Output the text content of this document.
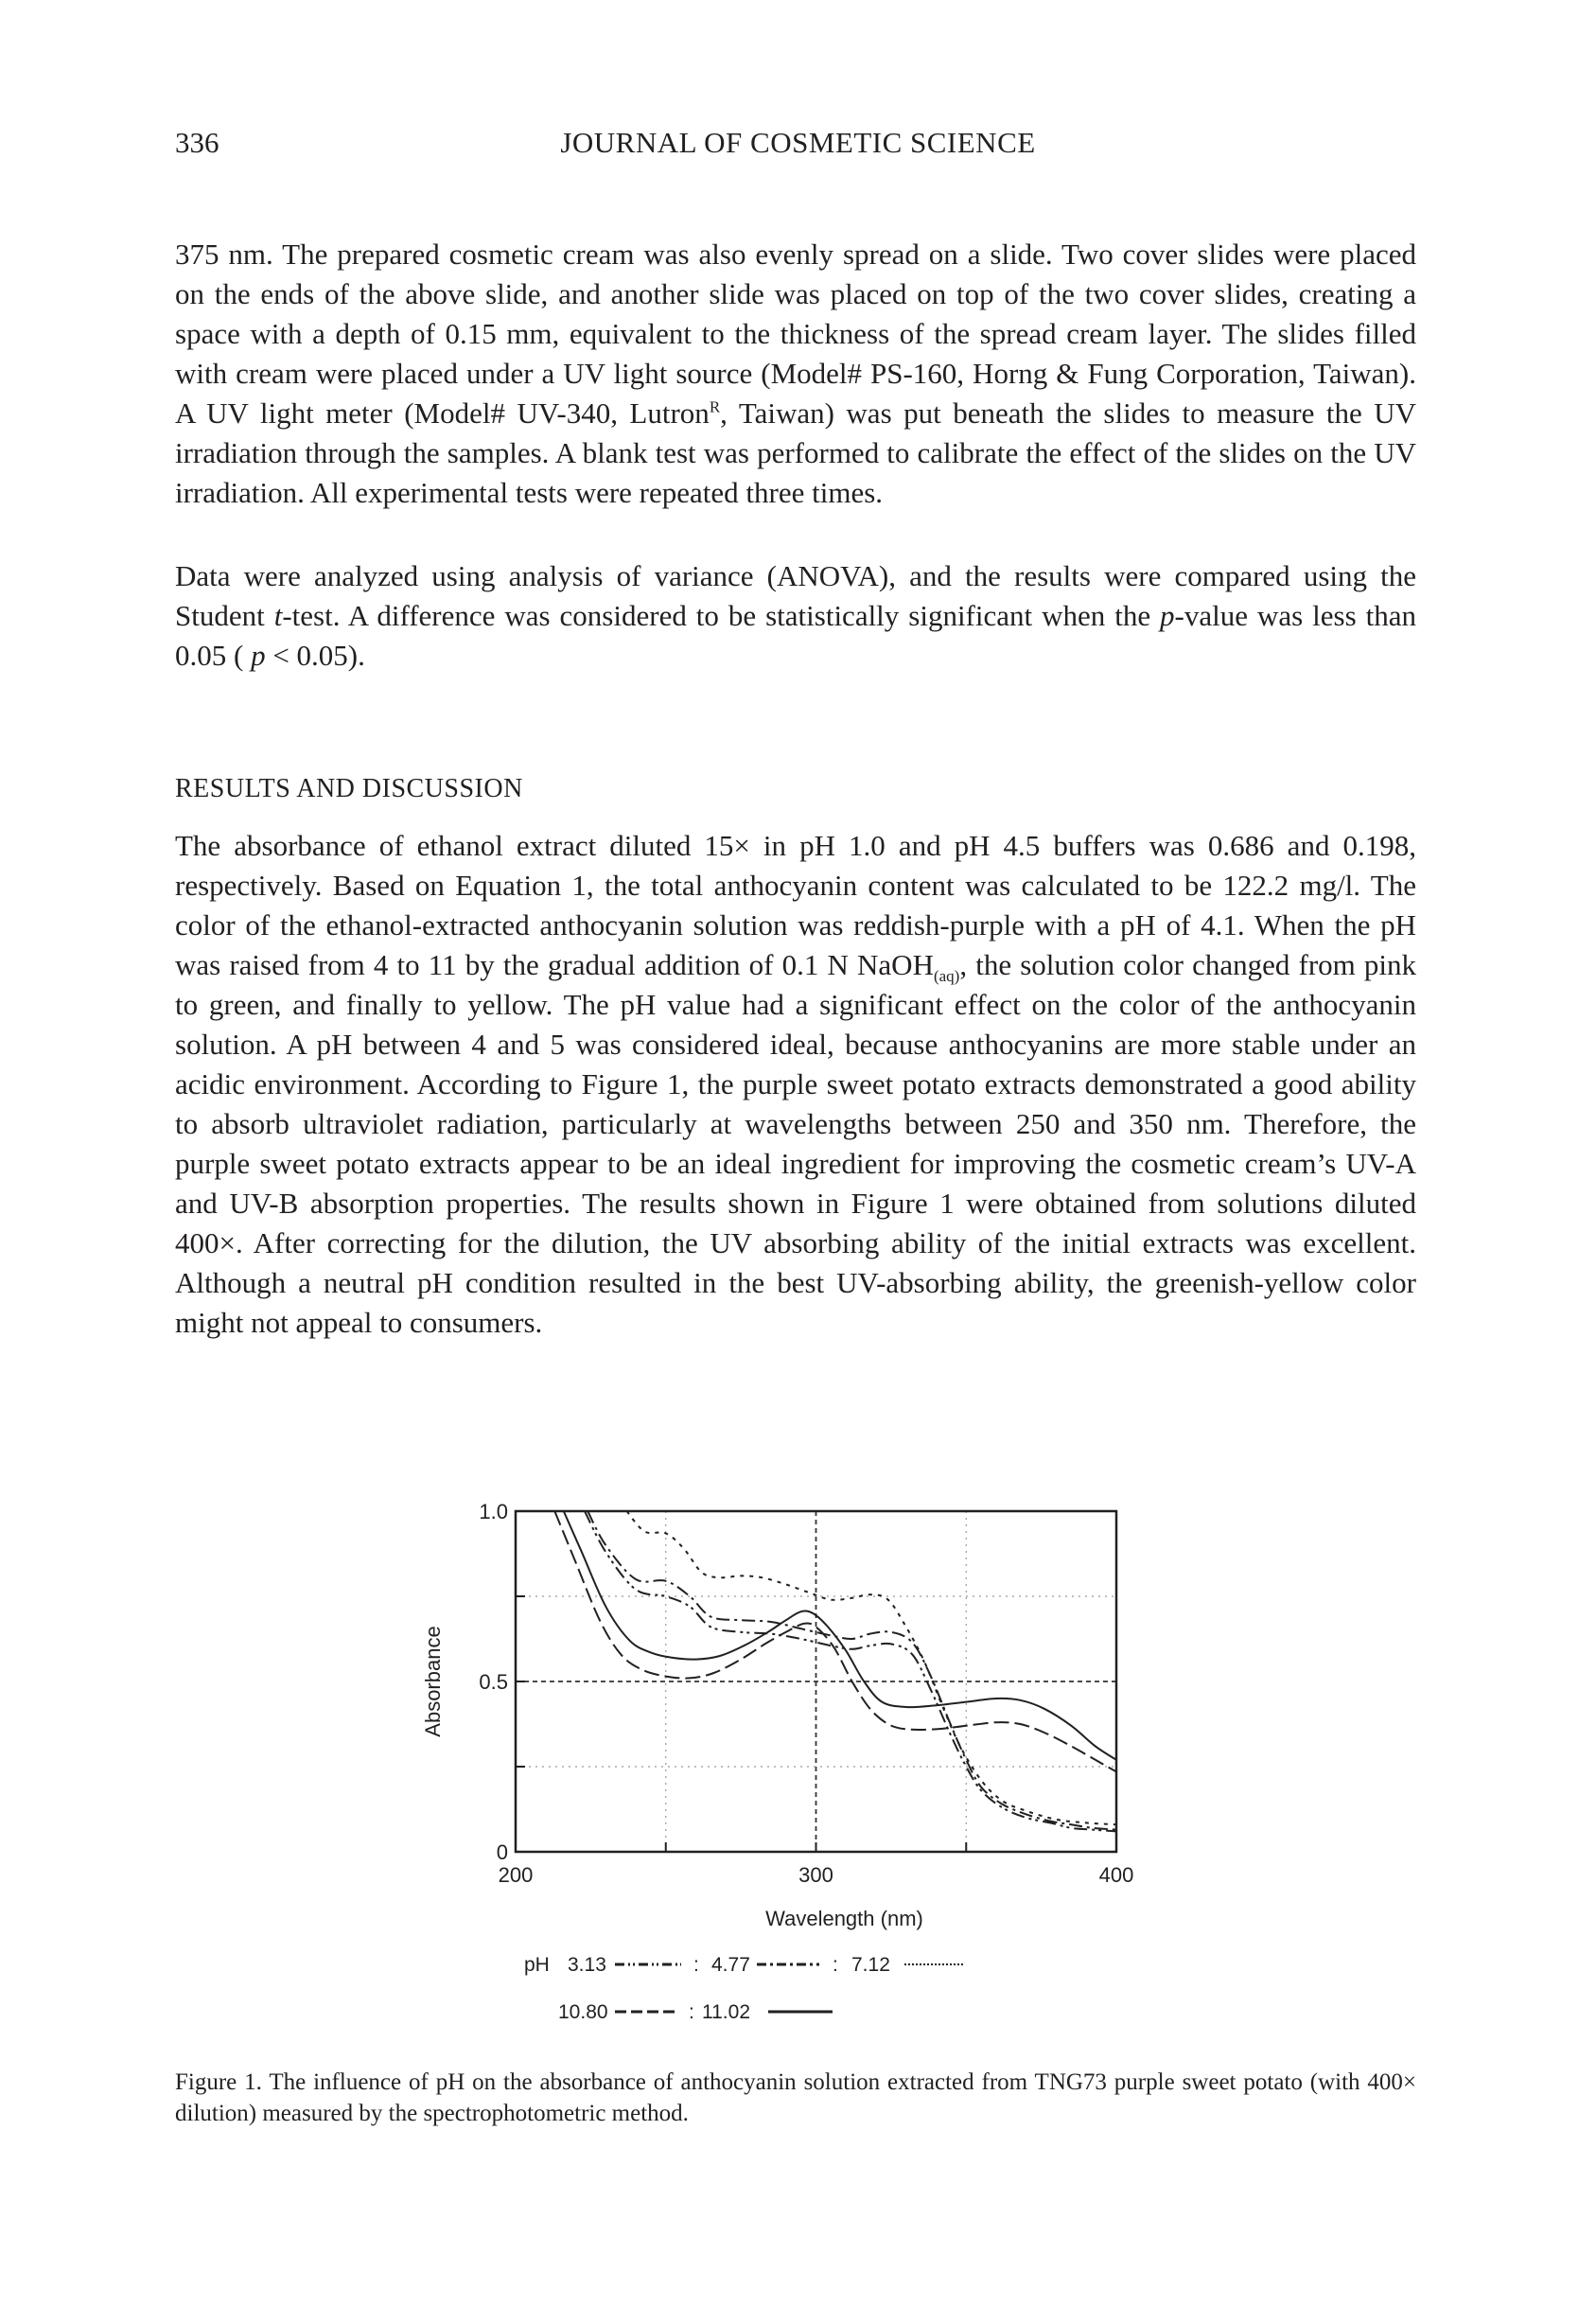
336	JOURNAL OF COSMETIC SCIENCE

375 nm. The prepared cosmetic cream was also evenly spread on a slide. Two cover slides were placed on the ends of the above slide, and another slide was placed on top of the two cover slides, creating a space with a depth of 0.15 mm, equivalent to the thickness of the spread cream layer. The slides filled with cream were placed under a UV light source (Model# PS-160, Horng & Fung Corporation, Taiwan). A UV light meter (Model# UV-340, Lutron$^R$, Taiwan) was put beneath the slides to measure the UV irradiation through the samples. A blank test was performed to calibrate the effect of the slides on the UV irradiation. All experimental tests were repeated three times.

Data were analyzed using analysis of variance (ANOVA), and the results were compared using the Student t-test. A difference was considered to be statistically significant when the p-value was less than 0.05 ( p < 0.05).

RESULTS AND DISCUSSION

The absorbance of ethanol extract diluted 15× in pH 1.0 and pH 4.5 buffers was 0.686 and 0.198, respectively. Based on Equation 1, the total anthocyanin content was calculated to be 122.2 mg/l. The color of the ethanol-extracted anthocyanin solution was reddish-purple with a pH of 4.1. When the pH was raised from 4 to 11 by the gradual addition of 0.1 N NaOH$_{(aq)}$, the solution color changed from pink to green, and finally to yellow. The pH value had a significant effect on the color of the anthocyanin solution. A pH between 4 and 5 was considered ideal, because anthocyanins are more stable under an acidic environment. According to Figure 1, the purple sweet potato extracts demonstrated a good ability to absorb ultraviolet radiation, particularly at wavelengths between 250 and 350 nm. Therefore, the purple sweet potato extracts appear to be an ideal ingredient for improving the cosmetic cream’s UV-A and UV-B absorption properties. The results shown in Figure 1 were obtained from solutions diluted 400×. After correcting for the dilution, the UV absorbing ability of the initial extracts was excellent. Although a neutral pH condition resulted in the best UV-absorbing ability, the greenish-yellow color might not appeal to consumers.

200	300	400
0
0.5
1.0
Wavelength (nm)
Absorbance
pH 3.13	: 4.77	: 7.12
10.80	: 11.02
Figure 1. The influence of pH on the absorbance of anthocyanin solution extracted from TNG73 purple sweet potato (with 400× dilution) measured by the spectrophotometric method.
